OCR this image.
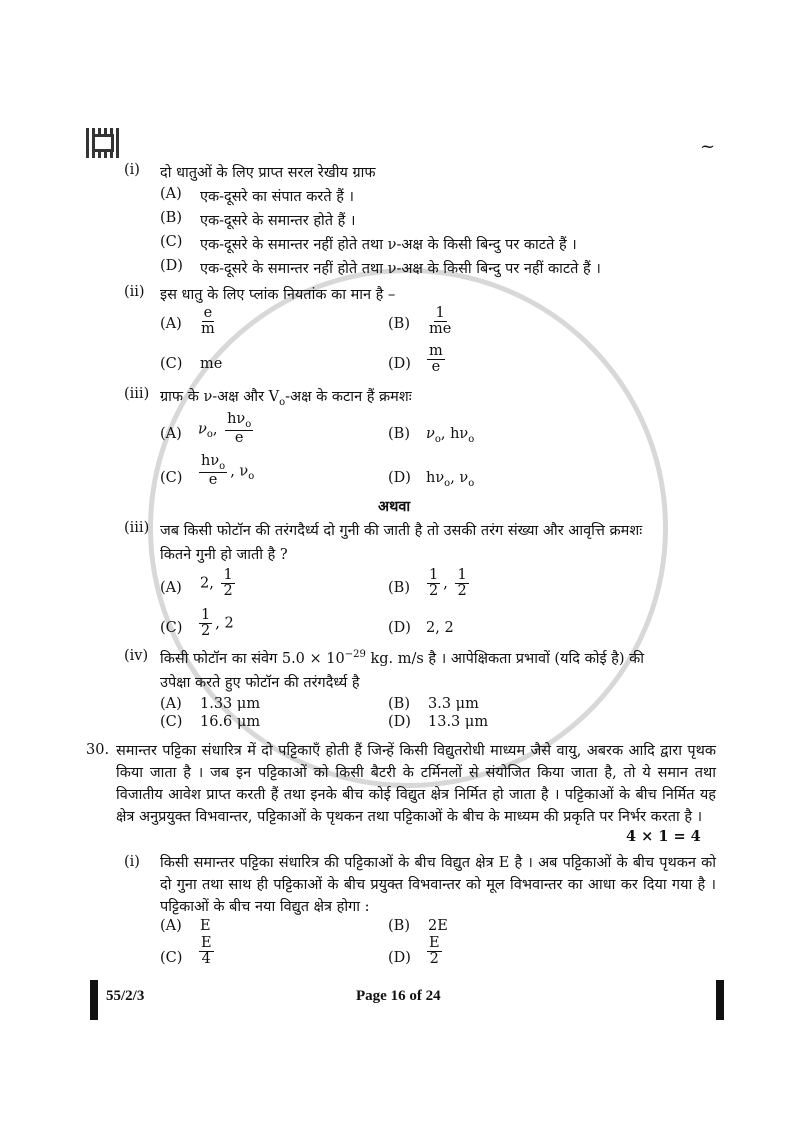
~
(i) दो धातुओं के लिए प्राप्त सरल रेखीय ग्राफ
(A) एक-दूसरे का संपात करते हैं ।
(B) एक-दूसरे के समान्तर होते हैं ।
(C) एक-दूसरे के समान्तर नहीं होते तथा ν-अक्ष के किसी बिन्दु पर काटते हैं ।
(D) एक-दूसरे के समान्तर नहीं होते तथा ν-अक्ष के किसी बिन्दु पर नहीं काटते हैं ।
(ii) इस धातु के लिए प्लांक नियतांक का मान है –
$(A) \frac{e}{m}$	$(B) \frac{1}{me}$
(C) me	$(D) \frac{m}{e}$
(iii) ग्राफ के ν-अक्ष और $V_o-अक्ष$ के कटान हैं क्रमशः
(A) $\nu_o$, $\frac{h\nu_o}{e}$	(B) $\nu_o$, $h\nu_o$
$(C) \frac{h\nu_o}{e}$ , $\nu_o$	(D) $h\nu_o$, $\nu_o$
अथवा
(iii) जब किसी फोटॉन की तरंगदैर्ध्य दो गुनी की जाती है तो उसकी तरंग संख्या और आवृत्ति क्रमशः
कितने गुनी हो जाती है ?
(A) 2, $\frac{1}{2}$	$(B) \frac{1}{2}$ , $\frac{1}{2}$
$(C) \frac{1}{2}$ , 2	(D) 2, 2
(iv) किसी फोटॉन का संवेग $5.0 \times 10^{-29}$ kg. m/s है । आपेक्षिकता प्रभावों (यदि कोई है) की
उपेक्षा करते हुए फोटॉन की तरंगदैर्ध्य है
(A) 1.33 μm	(B) 3.3 μm
(C) 16.6 μm	(D) 13.3 μm
30. समान्तर पट्टिका संधारित्र में दो पट्टिकाएँ होती हैं जिन्हें किसी विद्युतरोधी माध्यम जैसे वायु, अबरक आदि द्वारा पृथक किया जाता है । जब इन पट्टिकाओं को किसी बैटरी के टर्मिनलों से संयोजित किया जाता है, तो ये समान तथा विजातीय आवेश प्राप्त करती हैं तथा इनके बीच कोई विद्युत क्षेत्र निर्मित हो जाता है । पट्टिकाओं के बीच निर्मित यह क्षेत्र अनुप्रयुक्त विभवान्तर, पट्टिकाओं के पृथकन तथा पट्टिकाओं के बीच के माध्यम की प्रकृति पर निर्भर करता है ।
4 × 1 = 4
(i) किसी समान्तर पट्टिका संधारित्र की पट्टिकाओं के बीच विद्युत क्षेत्र E है । अब पट्टिकाओं के बीच पृथकन को दो गुना तथा साथ ही पट्टिकाओं के बीच प्रयुक्त विभवान्तर को मूल विभवान्तर का आधा कर दिया गया है । पट्टिकाओं के बीच नया विद्युत क्षेत्र होगा :
(A) E	(B) 2E
$(C) \frac{E}{4}$	$(D) \frac{E}{2}$
55/2/3	Page 16 of 24
